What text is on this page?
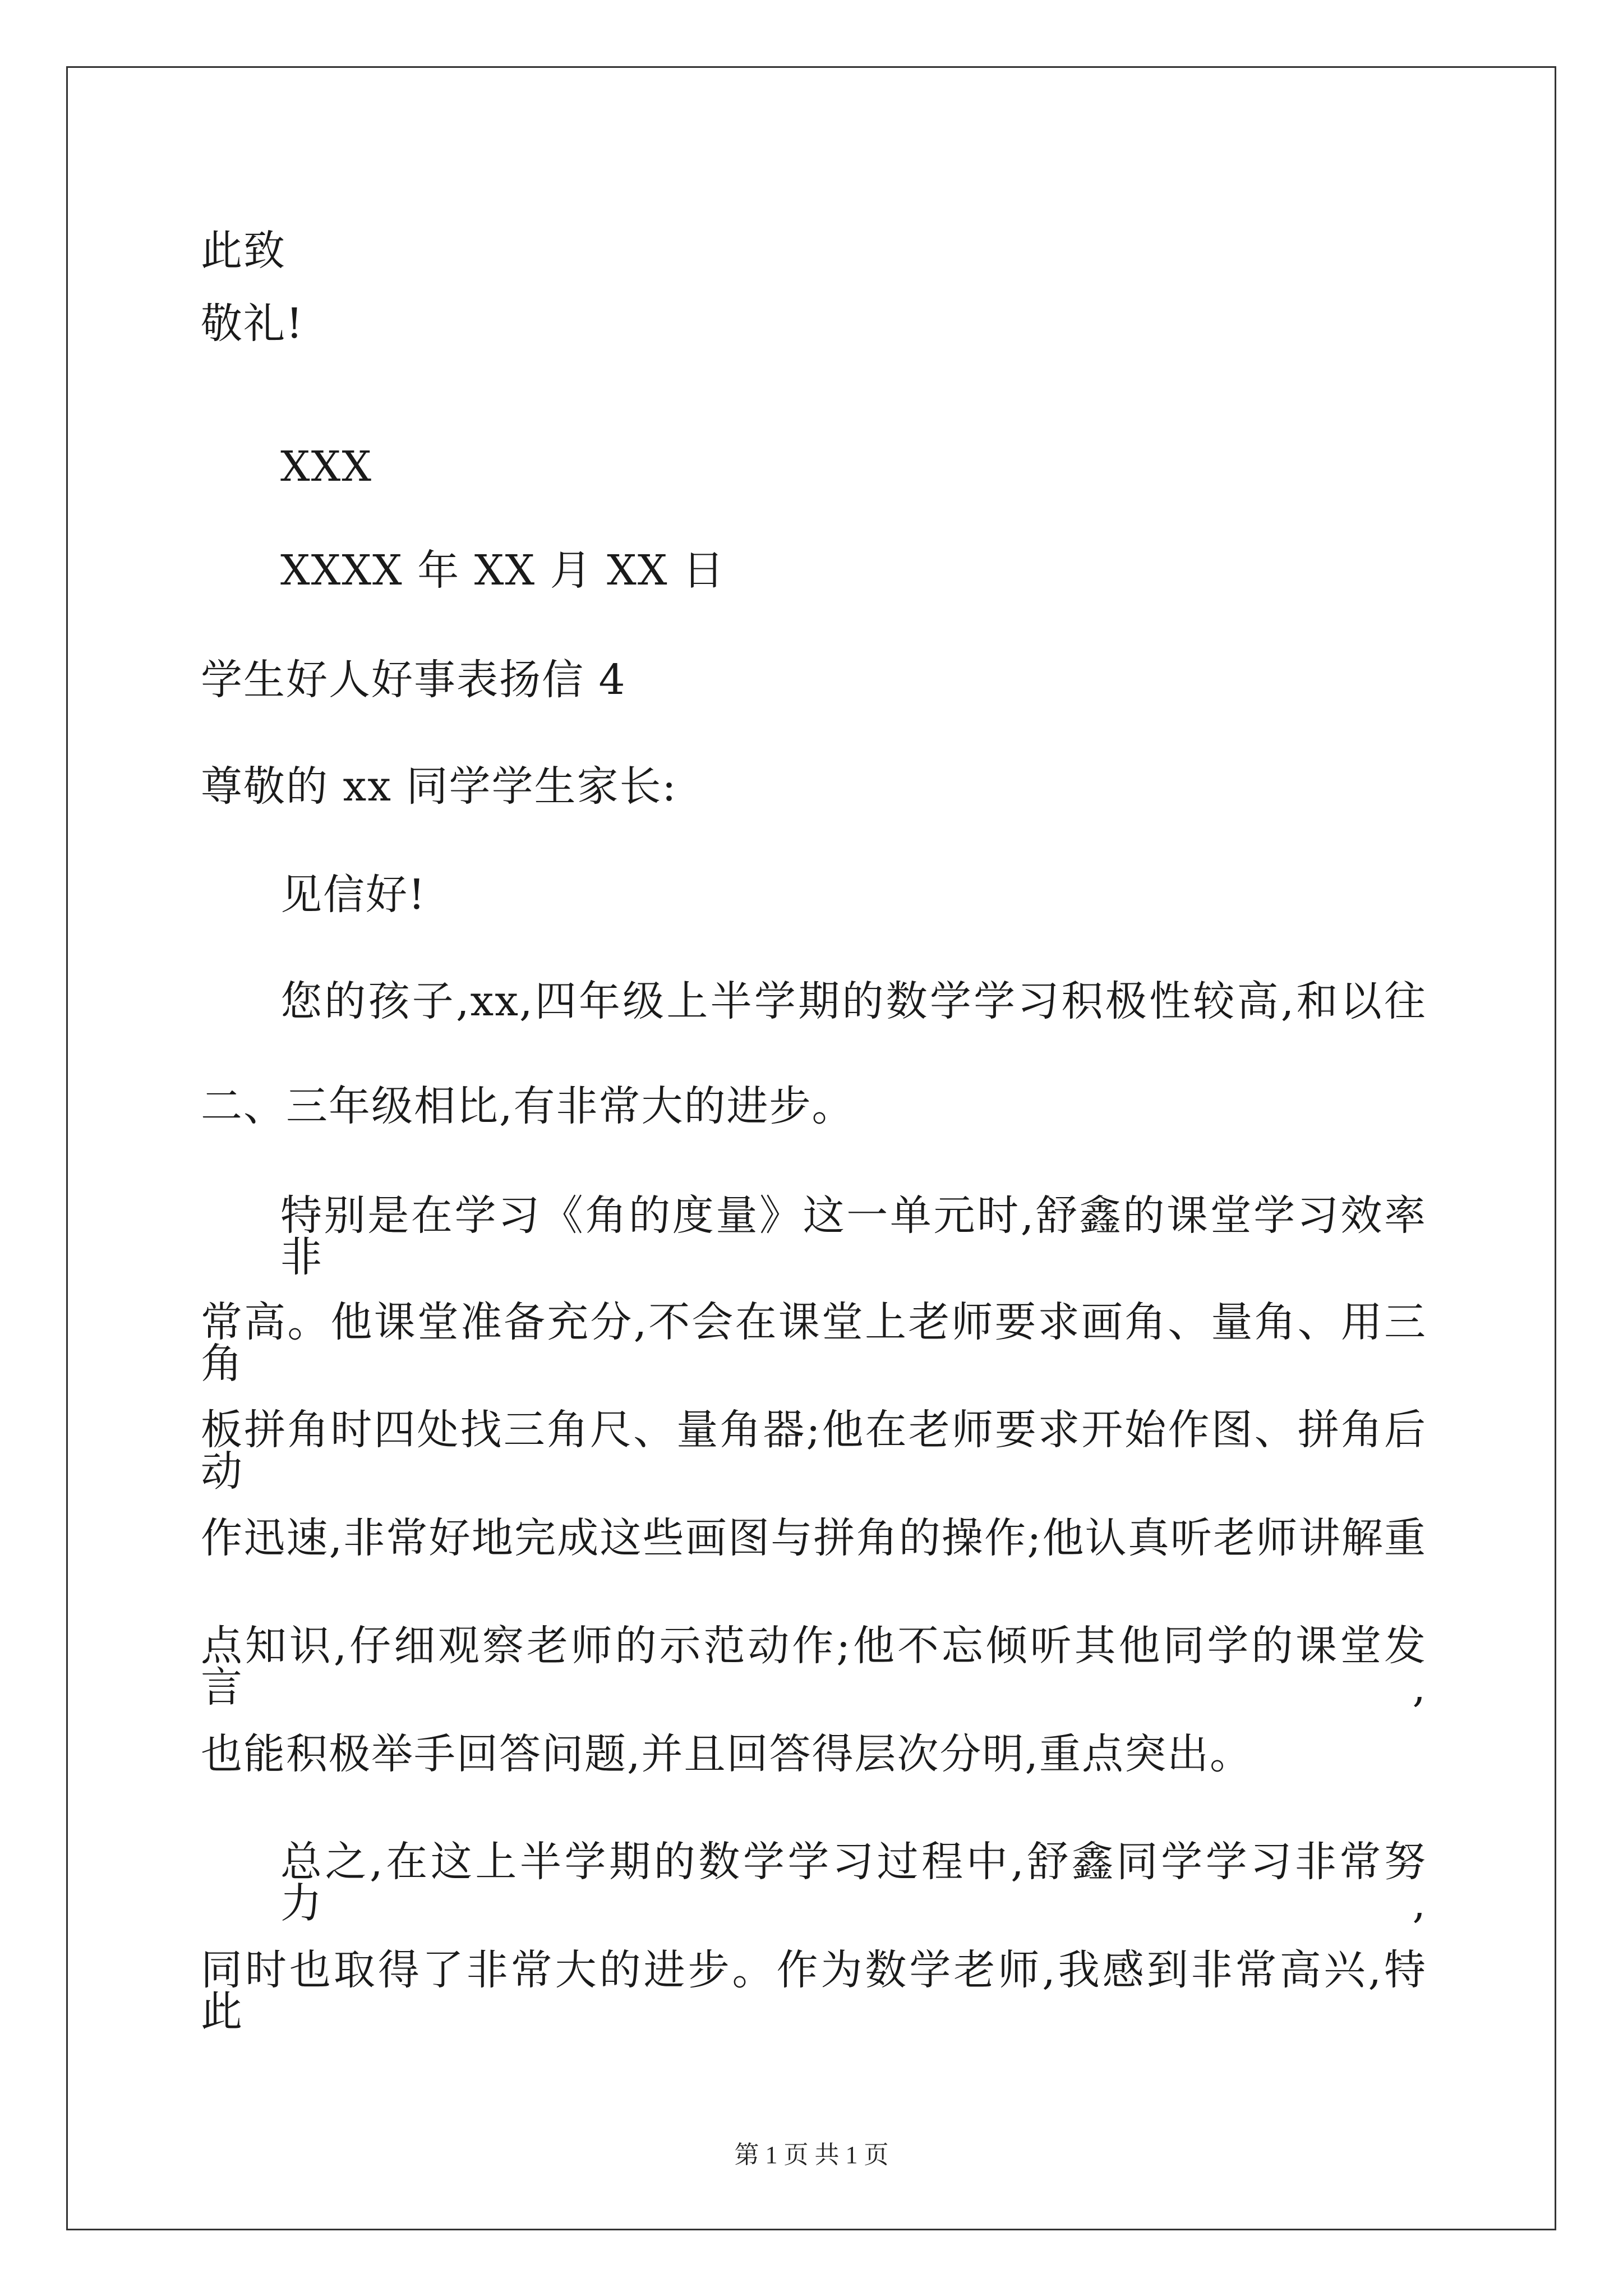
此致
敬礼!
XXX
XXXX 年 XX 月 XX 日
学生好人好事表扬信 4
尊敬的 xx 同学学生家长:
见信好!
您的孩子,xx,四年级上半学期的数学学习积极性较高,和以往
二、三年级相比,有非常大的进步。
特别是在学习《角的度量》这一单元时,舒鑫的课堂学习效率非
常高。他课堂准备充分,不会在课堂上老师要求画角、量角、用三角
板拼角时四处找三角尺、量角器;他在老师要求开始作图、拼角后动
作迅速,非常好地完成这些画图与拼角的操作;他认真听老师讲解重
点知识,仔细观察老师的示范动作;他不忘倾听其他同学的课堂发言,
也能积极举手回答问题,并且回答得层次分明,重点突出。
总之,在这上半学期的数学学习过程中,舒鑫同学学习非常努力,
同时也取得了非常大的进步。作为数学老师,我感到非常高兴,特 此
第 1 页 共 1 页
